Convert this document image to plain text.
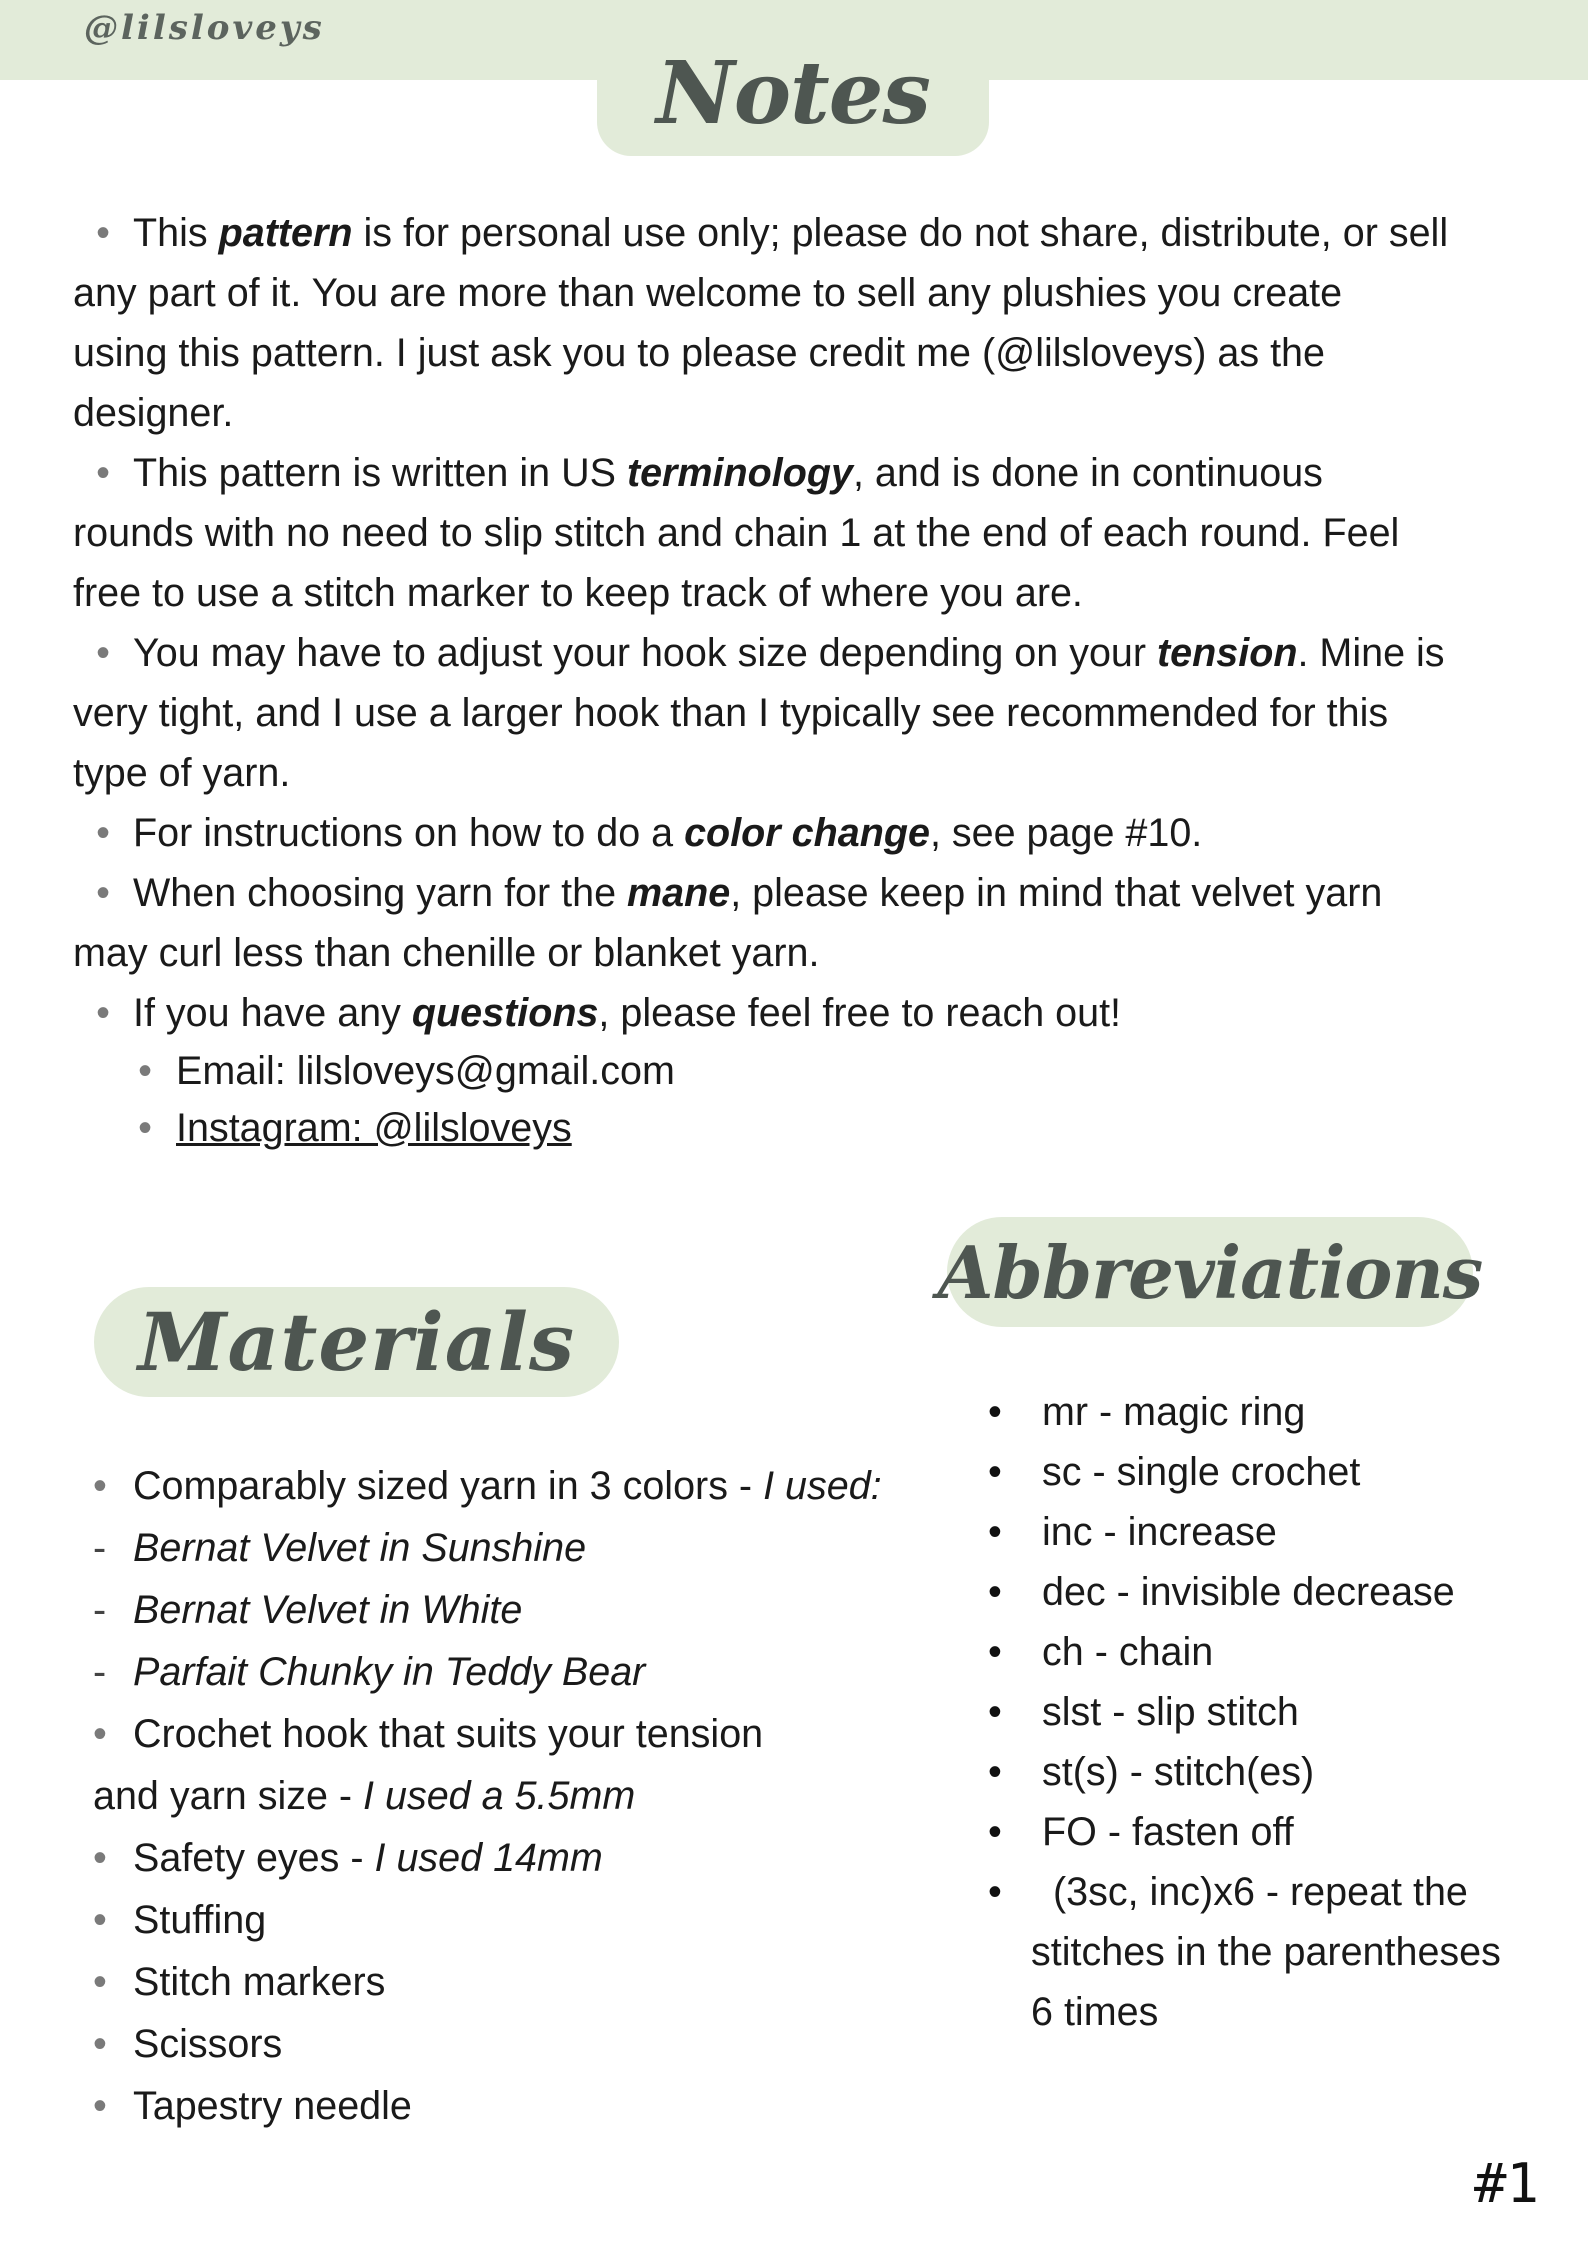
@lilsloveys
Notes

• This pattern is for personal use only; please do not share, distribute, or sell

any part of it. You are more than welcome to sell any plushies you create

using this pattern. I just ask you to please credit me (@lilsloveys) as the

designer.

• This pattern is written in US terminology, and is done in continuous

rounds with no need to slip stitch and chain 1 at the end of each round. Feel

free to use a stitch marker to keep track of where you are.

• You may have to adjust your hook size depending on your tension. Mine is

very tight, and I use a larger hook than I typically see recommended for this

type of yarn.

• For instructions on how to do a color change, see page #10.

• When choosing yarn for the mane, please keep in mind that velvet yarn

may curl less than chenille or blanket yarn.

• If you have any questions, please feel free to reach out!

• Email: lilsloveys@gmail.com

• Instagram: @lilsloveys

Materials
Abbreviations

• Comparably sized yarn in 3 colors - I used:

- Bernat Velvet in Sunshine

- Bernat Velvet in White

- Parfait Chunky in Teddy Bear

• Crochet hook that suits your tension

and yarn size - I used a 5.5mm

• Safety eyes - I used 14mm

• Stuffing

• Stitch markers

• Scissors

• Tapestry needle

• mr - magic ring

• sc - single crochet

• inc - increase

• dec - invisible decrease

• ch - chain

• slst - slip stitch

• st(s) - stitch(es)

• FO - fasten off

• (3sc, inc)x6 - repeat the

stitches in the parentheses

6 times

#1
